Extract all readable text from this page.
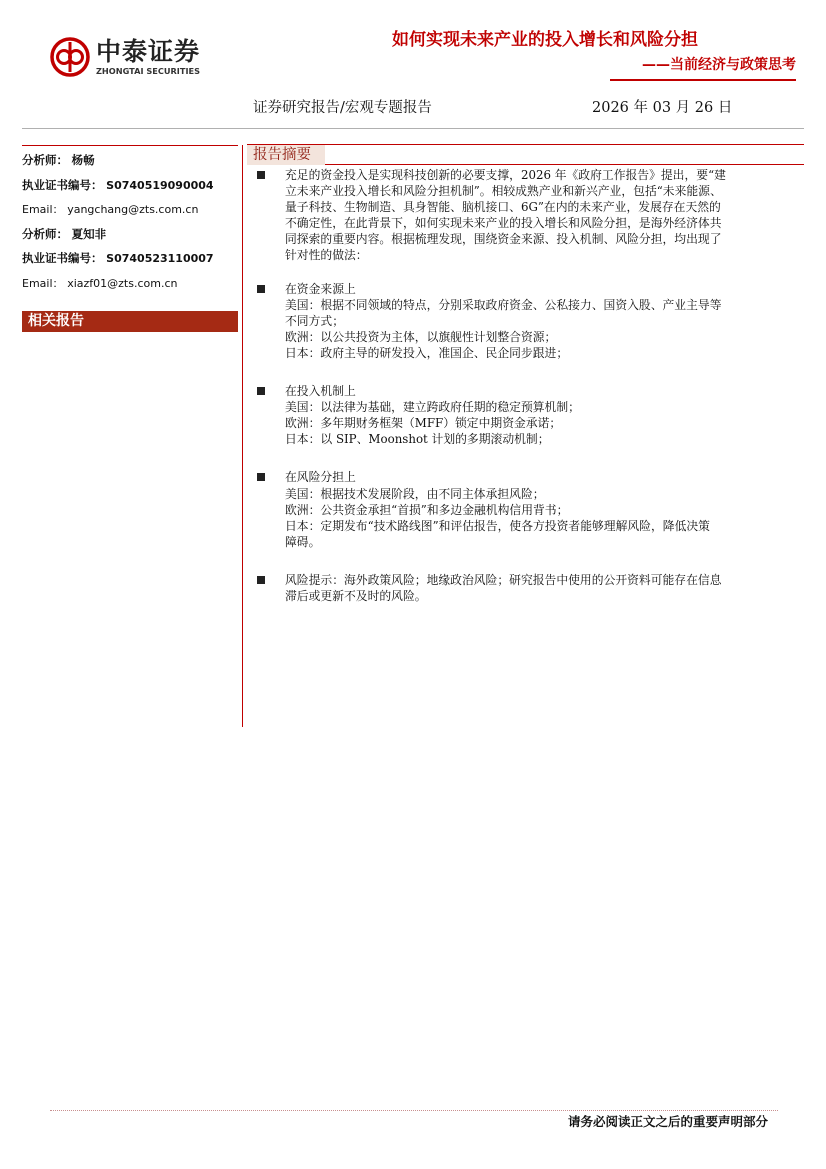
中泰证券
ZHONGTAI SECURITIES
如何实现未来产业的投入增长和风险分担
——当前经济与政策思考
证券研究报告/宏观专题报告	2026 年 03 月 26 日
分析师： 杨畅
执业证书编号： S0740519090004
Email： yangchang@zts.com.cn
分析师： 夏知非
执业证书编号： S0740523110007
Email： xiazf01@zts.com.cn
相关报告
报告摘要
充足的资金投入是实现科技创新的必要支撑，2026 年《政府工作报告》提出，要“建
立未来产业投入增长和风险分担机制”。相较成熟产业和新兴产业，包括“未来能源、
量子科技、生物制造、具身智能、脑机接口、6G”在内的未来产业，发展存在天然的
不确定性，在此背景下，如何实现未来产业的投入增长和风险分担，是海外经济体共
同探索的重要内容。根据梳理发现，围绕资金来源、投入机制、风险分担，均出现了
针对性的做法：
在资金来源上
美国：根据不同领域的特点，分别采取政府资金、公私接力、国资入股、产业主导等
不同方式；
欧洲：以公共投资为主体，以旗舰性计划整合资源；
日本：政府主导的研发投入，准国企、民企同步跟进；
在投入机制上
美国：以法律为基础，建立跨政府任期的稳定预算机制；
欧洲：多年期财务框架（MFF）锁定中期资金承诺；
日本：以 SIP、Moonshot 计划的多期滚动机制；
在风险分担上
美国：根据技术发展阶段，由不同主体承担风险；
欧洲：公共资金承担“首损”和多边金融机构信用背书；
日本：定期发布“技术路线图”和评估报告，使各方投资者能够理解风险，降低决策
障碍。
风险提示：海外政策风险；地缘政治风险；研究报告中使用的公开资料可能存在信息
滞后或更新不及时的风险。
请务必阅读正文之后的重要声明部分
